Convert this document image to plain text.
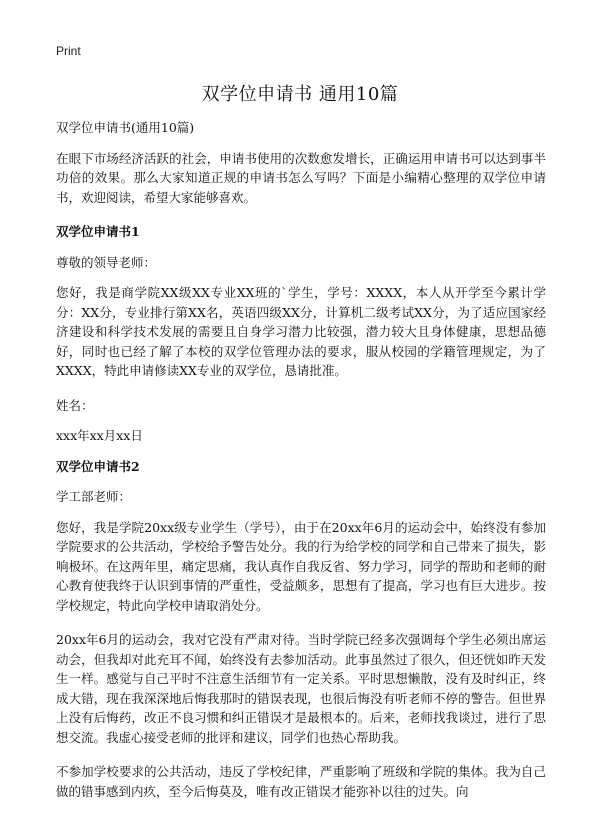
Print
双学位申请书 通用10篇

双学位申请书(通用10篇)

在眼下市场经济活跃的社会，申请书使用的次数愈发增长，正确运用申请书可以达到事半功倍的效果。那么大家知道正规的申请书怎么写吗？下面是小编精心整理的双学位申请书，欢迎阅读，希望大家能够喜欢。

双学位申请书1

尊敬的领导老师：

您好，我是商学院XX级XX专业XX班的`学生，学号：XXXX，本人从开学至今累计学分：XX分，专业排行第XX名，英语四级XX分，计算机二级考试XX分，为了适应国家经济建设和科学技术发展的需要且自身学习潜力比较强，潜力较大且身体健康，思想品德好，同时也已经了解了本校的双学位管理办法的要求，服从校园的学籍管理规定，为了XXXX，特此申请修读XX专业的双学位，恳请批准。

姓名：

xxx年xx月xx日

双学位申请书2

学工部老师：

您好，我是学院20xx级专业学生（学号），由于在20xx年6月的运动会中，始终没有参加学院要求的公共活动，学校给予警告处分。我的行为给学校的同学和自己带来了损失，影响极坏。在这两年里，痛定思痛，我认真作自我反省、努力学习，同学的帮助和老师的耐心教育使我终于认识到事情的严重性，受益颇多，思想有了提高，学习也有巨大进步。按学校规定，特此向学校申请取消处分。

20xx年6月的运动会，我对它没有严肃对待。当时学院已经多次强调每个学生必须出席运动会，但我却对此充耳不闻，始终没有去参加活动。此事虽然过了很久，但还恍如昨天发生一样。感觉与自己平时不注意生活细节有一定关系。平时思想懒散，没有及时纠正，终成大错，现在我深深地后悔我那时的错误表现，也很后悔没有听老师不停的警告。但世界上没有后悔药，改正不良习惯和纠正错误才是最根本的。后来，老师找我谈过，进行了思想交流。我虚心接受老师的批评和建议，同学们也热心帮助我。

不参加学校要求的公共活动，违反了学校纪律，严重影响了班级和学院的集体。我为自己做的错事感到内疚，至今后悔莫及，唯有改正错误才能弥补以往的过失。向
